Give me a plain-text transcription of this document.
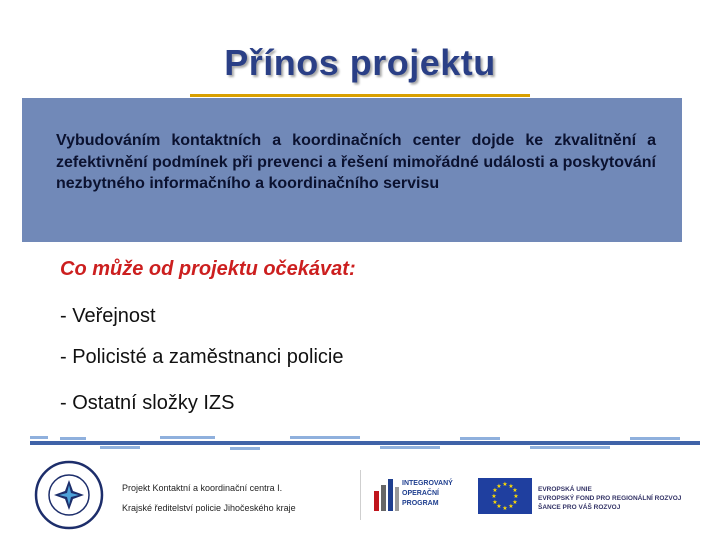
Přínos projektu
Vybudováním kontaktních a koordinačních center dojde ke zkvalitnění a zefektivnění podmínek při prevenci a řešení mimořádné události a poskytování nezbytného informačního a koordinačního servisu
Co může od projektu očekávat:
- Veřejnost
- Policisté a zaměstnanci policie
- Ostatní složky IZS
Projekt Kontaktní a koordinační centra I.
Krajské ředitelství policie Jihočeského kraje
INTEGROVANÝ
OPERAČNÍ
PROGRAM
★ ★
★
★
★
★
★
★
★
★
★
★	EVROPSKÁ UNIE
EVROPSKÝ FOND PRO REGIONÁLNÍ ROZVOJ
ŠANCE PRO VÁŠ ROZVOJ
